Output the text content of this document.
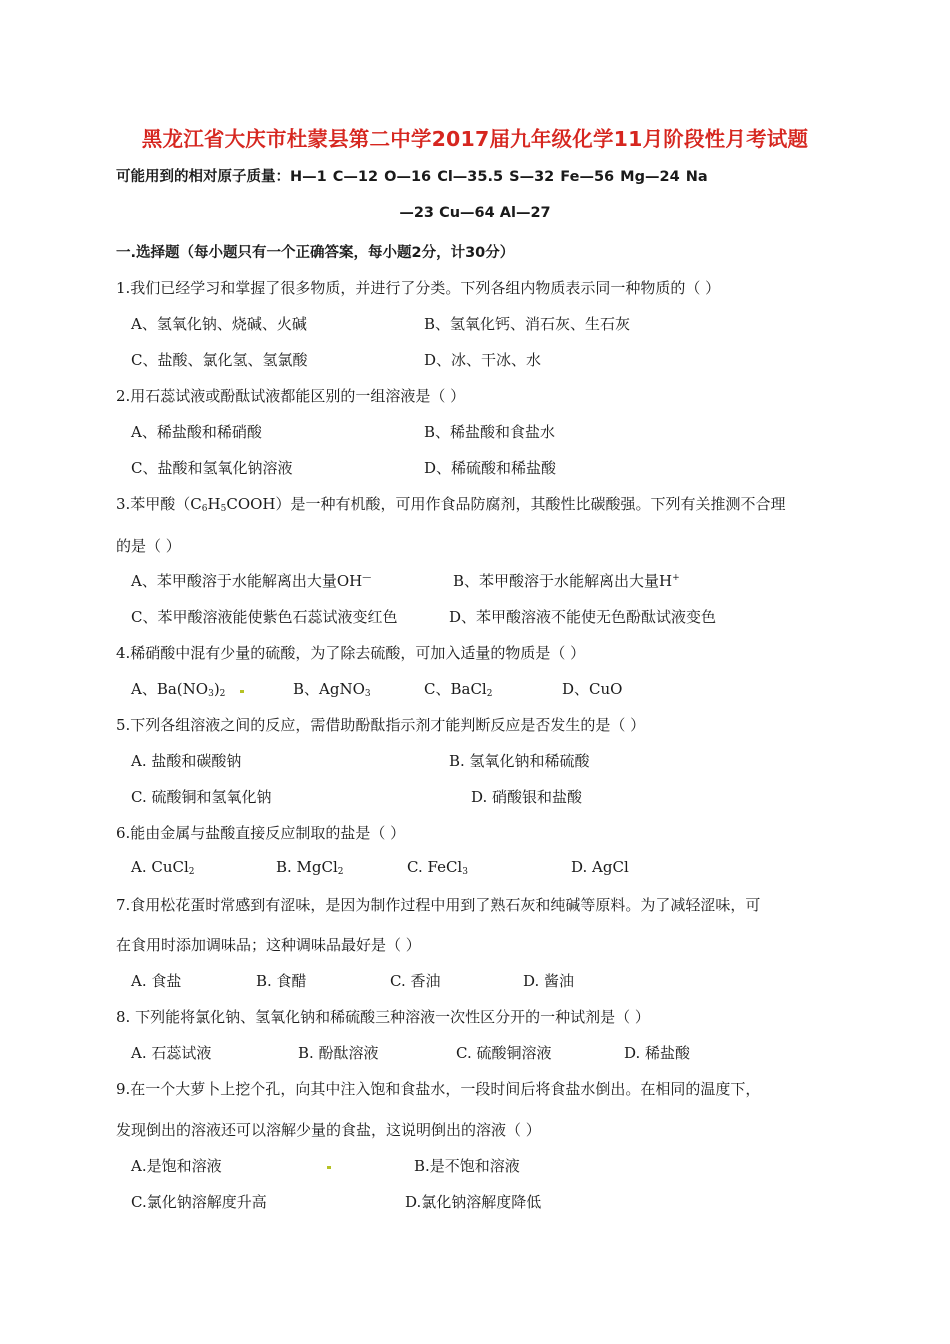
黑龙江省大庆市杜蒙县第二中学2017届九年级化学11月阶段性月考试题
可能用到的相对原子质量：H—1 C—12 O—16 Cl—35.5 S—32 Fe—56 Mg—24 Na
—23 Cu—64 Al—27
一.选择题（每小题只有一个正确答案，每小题2分，计30分）
1.我们已经学习和掌握了很多物质，并进行了分类。下列各组内物质表示同一种物质的（ ）
A、氢氧化钠、烧碱、火碱	B、氢氧化钙、消石灰、生石灰
C、盐酸、氯化氢、氢氯酸	D、冰、干冰、水
2.用石蕊试液或酚酞试液都能区别的一组溶液是（ ）
A、稀盐酸和稀硝酸	B、稀盐酸和食盐水
C、盐酸和氢氧化钠溶液	D、稀硫酸和稀盐酸
3.苯甲酸$(C_6H_5COOH)$是一种有机酸，可用作食品防腐剂，其酸性比碳酸强。下列有关推测不合理
的是（ ）
A、苯甲酸溶于水能解离出大量OH—	B、苯甲酸溶于水能解离出大量H+
C、苯甲酸溶液能使紫色石蕊试液变红色	D、苯甲酸溶液不能使无色酚酞试液变色
4.稀硝酸中混有少量的硫酸，为了除去硫酸，可加入适量的物质是（ ）
A、$Ba(NO_3)_2$	B、AgNO$_3$	C、BaCl$_2$	D、CuO
5.下列各组溶液之间的反应，需借助酚酞指示剂才能判断反应是否发生的是（ ）
A. 盐酸和碳酸钠	B. 氢氧化钠和稀硫酸
C. 硫酸铜和氢氧化钠	D. 硝酸银和盐酸
6.能由金属与盐酸直接反应制取的盐是（ ）
A. CuCl$_2$	B. MgCl$_2$	C. FeCl$_3$	D. AgCl
7.食用松花蛋时常感到有涩味，是因为制作过程中用到了熟石灰和纯碱等原料。为了减轻涩味，可
在食用时添加调味品；这种调味品最好是（ ）
A. 食盐	B. 食醋	C. 香油	D. 酱油
8. 下列能将氯化钠、氢氧化钠和稀硫酸三种溶液一次性区分开的一种试剂是（ ）
A. 石蕊试液	B. 酚酞溶液	C. 硫酸铜溶液	D. 稀盐酸
9.在一个大萝卜上挖个孔，向其中注入饱和食盐水，一段时间后将食盐水倒出。在相同的温度下，
发现倒出的溶液还可以溶解少量的食盐，这说明倒出的溶液（ ）
A.是饱和溶液	B.是不饱和溶液
C.氯化钠溶解度升高	D.氯化钠溶解度降低
